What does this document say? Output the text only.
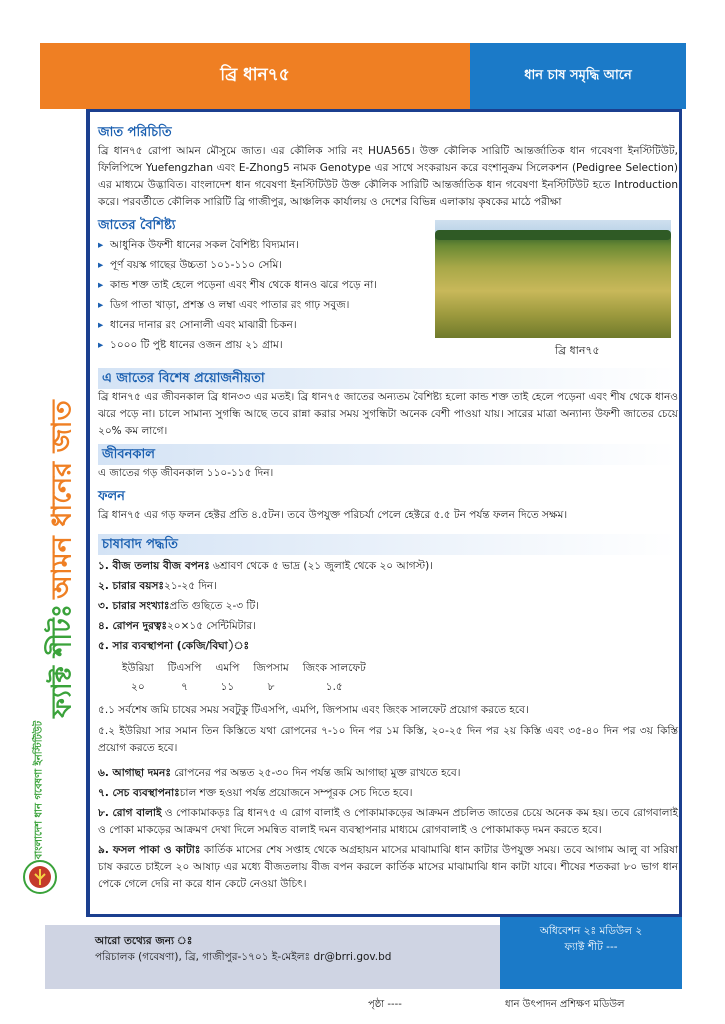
ব্রি ধান৭৫	ধান চাষ সমৃদ্ধি আনে
ফ্যাক্ট শীটঃ আমন ধানের জাত
বাংলাদেশ ধান গবেষণা ইনস্টিটিউট
ব্রি ধান৭৫
জাত পরিচিতি

ব্রি ধান৭৫ রোপা আমন মৌসুমে জাত। এর কৌলিক সারি নং HUA565। উক্ত কৌলিক সারিটি আন্তর্জাতিক ধান গবেষণা ইনস্টিটিউট, ফিলিপিন্সে Yuefengzhan এবং E-Zhong5 নামক Genotype এর সাথে সংকরায়ন করে বংশানুক্রম সিলেকশন (Pedigree Selection) এর মাধ্যমে উদ্ভাবিত। বাংলাদেশ ধান গবেষণা ইনস্টিটিউট উক্ত কৌলিক সারিটি আন্তর্জাতিক ধান গবেষণা ইনস্টিটিউট হতে Introduction করে। পরবর্তীতে কৌলিক সারিটি ব্রি গাজীপুর, আঞ্চলিক কার্যালয় ও দেশের বিভিন্ন এলাকায় কৃষকের মাঠে পরীক্ষা

জাতের বৈশিষ্ট্য
▸ আধুনিক উফশী ধানের সকল বৈশিষ্ট্য বিদ্যমান।
▸ পূর্ণ বয়স্ক গাছের উচ্চতা ১০১-১১০ সেমি।
▸ কান্ড শক্ত তাই হেলে পড়েনা এবং শীষ থেকে ধানও ঝরে পড়ে না।
▸ ডিগ পাতা খাড়া, প্রশস্ত ও লম্বা এবং পাতার রং গাঢ় সবুজ।
▸ ধানের দানার রং সোনালী এবং মাঝারী চিকন।
▸ ১০০০ টি পুষ্ট ধানের ওজন প্রায় ২১ গ্রাম।
এ জাতের বিশেষ প্রয়োজনীয়তা

ব্রি ধান৭৫ এর জীবনকাল ব্রি ধান৩৩ এর মতই। ব্রি ধান৭৫ জাতের অন্যতম বৈশিষ্ট্য হলো কান্ড শক্ত তাই হেলে পড়েনা এবং শীষ থেকে ধানও ঝরে পড়ে না। চালে সামান্য সুগন্ধি আছে তবে রান্না করার সময় সুগন্ধিটা অনেক বেশী পাওয়া যায়। সারের মাত্রা অন্যান্য উফশী জাতের চেয়ে ২০% কম লাগে।

জীবনকাল

এ জাতের গড় জীবনকাল ১১০-১১৫ দিন।

ফলন

ব্রি ধান৭৫ এর গড় ফলন হেক্টর প্রতি ৪.৫টন। তবে উপযুক্ত পরিচর্যা পেলে হেক্টরে ৫.৫ টন পর্যন্ত ফলন দিতে সক্ষম।

চাষাবাদ পদ্ধতি
১. বীজ তলায় বীজ বপনঃ ৬শ্রাবণ থেকে ৫ ভাদ্র (২১ জুলাই থেকে ২০ আগস্ট)।
২. চারার বয়সঃ২১-২৫ দিন।
৩. চারার সংখ্যাঃপ্রতি গুছিতে ২-৩ টি।
৪. রোপন দুরত্বঃ২০×১৫ সেন্টিমিটার।
৫. সার ব্যবস্থাপনা (কেজি/বিঘা)ঃ
ইউরিয়া	টিএসপি	এমপি	জিপসাম	জিংক সালফেট
২০	৭	১১	৮	১.৫

৫.১ সর্বশেষ জমি চাষের সময় সবটুকু টিএসপি, এমপি, জিপসাম এবং জিংক সালফেট প্রয়োগ করতে হবে।

৫.২ ইউরিয়া সার সমান তিন কিস্তিতে যথা রোপনের ৭-১০ দিন পর ১ম কিস্তি, ২০-২৫ দিন পর ২য় কিস্তি এবং ৩৫-৪০ দিন পর ৩য় কিস্তি প্রয়োগ করতে হবে।

৬. আগাছা দমনঃ রোপনের পর অন্তত ২৫-৩০ দিন পর্যন্ত জমি আগাছা মুক্ত রাখতে হবে।
৭. সেচ ব্যবস্থাপনাঃচাল শক্ত হওয়া পর্যন্ত প্রয়োজনে সম্পূরক সেচ দিতে হবে।
৮. রোগ বালাই ও পোকামাকড়ঃ ব্রি ধান৭৫ এ রোগ বালাই ও পোকামাকড়ের আক্রমন প্রচলিত জাতের চেয়ে অনেক কম হয়। তবে রোগবালাই ও পোকা মাকড়ের আক্রমণ দেখা দিলে সমন্বিত বালাই দমন ব্যবস্থাপনার মাধ্যমে রোগবালাই ও পোকামাকড় দমন করতে হবে।
৯. ফসল পাকা ও কাটাঃ কার্তিক মাসের শেষ সপ্তাহ থেকে অগ্রহায়ন মাসের মাঝামাঝি ধান কাটার উপযুক্ত সময়। তবে আগাম আলু বা সরিষা চাষ করতে চাইলে ২০ আষাঢ় এর মধ্যে বীজতলায় বীজ বপন করলে কার্তিক মাসের মাঝামাঝি ধান কাটা যাবে। শীষের শতকরা ৮০ ভাগ ধান পেকে গেলে দেরি না করে ধান কেটে নেওয়া উচিৎ।
আরো তথ্যের জন্য ঃ
পরিচালক (গবেষণা), ব্রি, গাজীপুর-১৭০১ ই-মেইলঃ dr@brri.gov.bd
অধিবেশন ২ঃ মডিউল ২
ফ্যাক্ট শীট ---
পৃষ্ঠা ----	ধান উৎপাদন প্রশিক্ষণ মডিউল
